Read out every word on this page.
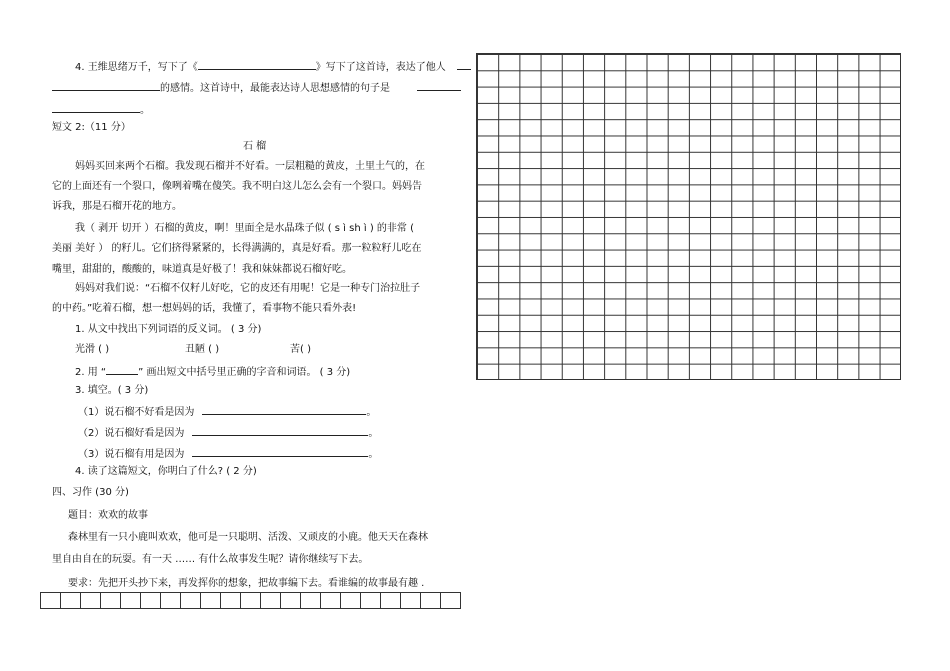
4. 王维思绪万千，写下了《	》写下了这首诗，表达了他人
的感情。这首诗中，最能表达诗人思想感情的句子是
。
短文 2:（11 分）
石 榴
妈妈买回来两个石榴。我发现石榴并不好看。一层粗糙的黄皮，土里土气的，在
它的上面还有一个裂口，像咧着嘴在傻笑。我不明白这儿怎么会有一个裂口。妈妈告
诉我，那是石榴开花的地方。
我（ 剥开 切开 ）石榴的黄皮，啊！里面全是水晶珠子似 ( s ì sh ì ) 的非常 (
美丽 美好 ） 的籽儿。它们挤得紧紧的，长得满满的，真是好看。那一粒粒籽儿吃在
嘴里，甜甜的，酸酸的，味道真是好极了！我和妹妹都说石榴好吃。
妈妈对我们说：“石榴不仅籽儿好吃，它的皮还有用呢！它是一种专门治拉肚子
的中药。”吃着石榴，想一想妈妈的话，我懂了，看事物不能只看外表!
1. 从文中找出下列词语的反义词。 ( 3 分)
光滑 ( )	丑陋 ( )	苦( )
2. 用 “	” 画出短文中括号里正确的字音和词语。 ( 3 分)
3. 填空。( 3 分)
（1）说石榴不好看是因为	。
（2）说石榴好看是因为	。
（3）说石榴有用是因为	。
4. 读了这篇短文，你明白了什么? ( 2 分)
四、习作 (30 分)
题目：欢欢的故事
森林里有一只小鹿叫欢欢，他可是一只聪明、活泼、又顽皮的小鹿。他天天在森林
里自由自在的玩耍。有一天 …… 有什么故事发生呢？请你继续写下去。
要求：先把开头抄下来，再发挥你的想象，把故事编下去。看谁编的故事最有趣 .
